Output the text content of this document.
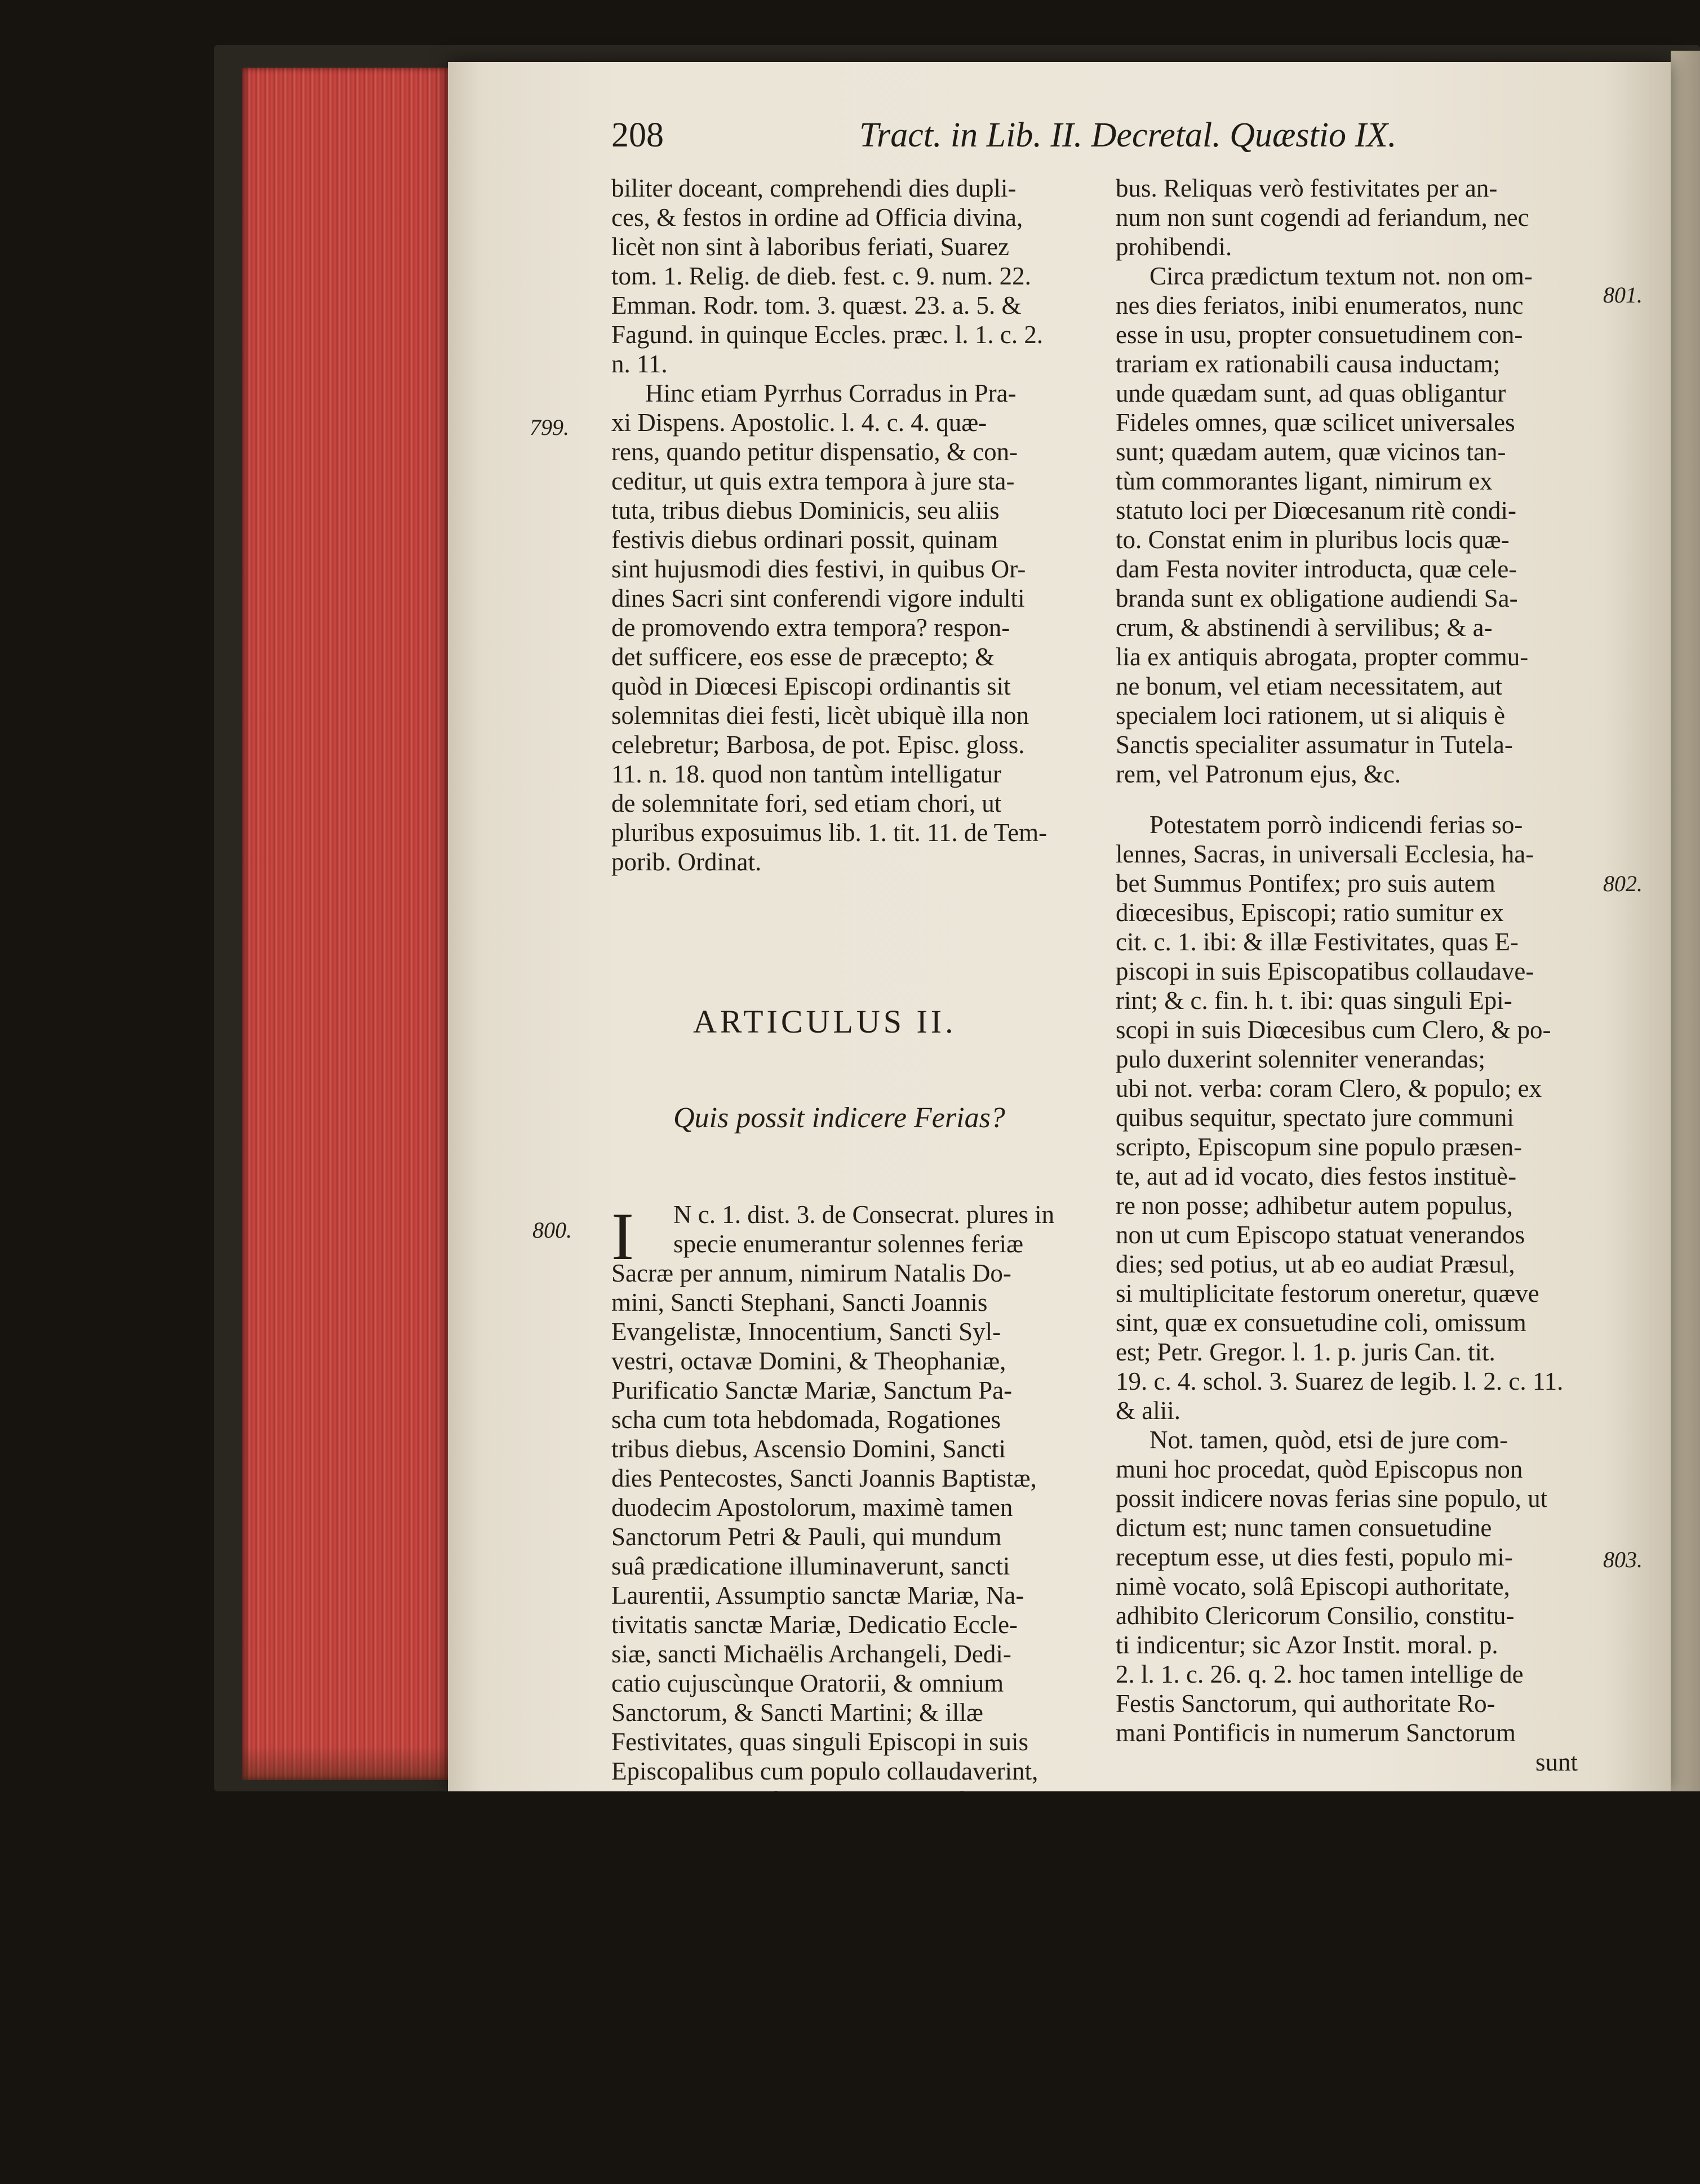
208	Tract. in Lib. II. Decretal. Quæstio IX.
799.
800.
801.
802.
803.
biliter doceant, comprehendi dies dupli-
ces, & festos in ordine ad Officia divina,
licèt non sint à laboribus feriati, Suarez
tom. 1. Relig. de dieb. fest. c. 9. num. 22.
Emman. Rodr. tom. 3. quæst. 23. a. 5. &
Fagund. in quinque Eccles. præc. l. 1. c. 2.
n. 11.
Hinc etiam Pyrrhus Corradus in Pra-
xi Dispens. Apostolic. l. 4. c. 4. quæ-
rens, quando petitur dispensatio, & con-
ceditur, ut quis extra tempora à jure sta-
tuta, tribus diebus Dominicis, seu aliis
festivis diebus ordinari possit, quinam
sint hujusmodi dies festivi, in quibus Or-
dines Sacri sint conferendi vigore indulti
de promovendo extra tempora? respon-
det sufficere, eos esse de præcepto; &
quòd in Diœcesi Episcopi ordinantis sit
solemnitas diei festi, licèt ubiquè illa non
celebretur; Barbosa, de pot. Episc. gloss.
11. n. 18. quod non tantùm intelligatur
de solemnitate fori, sed etiam chori, ut
pluribus exposuimus lib. 1. tit. 11. de Tem-
porib. Ordinat.
ARTICULUS II.
Quis possit indicere Ferias?
I	N c. 1. dist. 3. de Consecrat. plures in
specie enumerantur solennes feriæ
Sacræ per annum, nimirum Natalis Do-
mini, Sancti Stephani, Sancti Joannis
Evangelistæ, Innocentium, Sancti Syl-
vestri, octavæ Domini, & Theophaniæ,
Purificatio Sanctæ Mariæ, Sanctum Pa-
scha cum tota hebdomada, Rogationes
tribus diebus, Ascensio Domini, Sancti
dies Pentecostes, Sancti Joannis Baptistæ,
duodecim Apostolorum, maximè tamen
Sanctorum Petri & Pauli, qui mundum
suâ prædicatione illuminaverunt, sancti
Laurentii, Assumptio sanctæ Mariæ, Na-
tivitatis sanctæ Mariæ, Dedicatio Eccle-
siæ, sancti Michaëlis Archangeli, Dedi-
catio cujuscùnque Oratorii, & omnium
Sanctorum, & Sancti Martini; & illæ
Festivitates, quas singuli Episcopi in suis
Episcopalibus cum populo collaudaverint,
bus. Reliquas verò festivitates per an-
num non sunt cogendi ad feriandum, nec
prohibendi.
Circa prædictum textum not. non om-
nes dies feriatos, inibi enumeratos, nunc
esse in usu, propter consuetudinem con-
trariam ex rationabili causa inductam;
unde quædam sunt, ad quas obligantur
Fideles omnes, quæ scilicet universales
sunt; quædam autem, quæ vicinos tan-
tùm commorantes ligant, nimirum ex
statuto loci per Diœcesanum ritè condi-
to. Constat enim in pluribus locis quæ-
dam Festa noviter introducta, quæ cele-
branda sunt ex obligatione audiendi Sa-
crum, & abstinendi à servilibus; & a-
lia ex antiquis abrogata, propter commu-
ne bonum, vel etiam necessitatem, aut
specialem loci rationem, ut si aliquis è
Sanctis specialiter assumatur in Tutela-
rem, vel Patronum ejus, &c.
Potestatem porrò indicendi ferias so-
lennes, Sacras, in universali Ecclesia, ha-
bet Summus Pontifex; pro suis autem
diœcesibus, Episcopi; ratio sumitur ex
cit. c. 1. ibi: & illæ Festivitates, quas E-
piscopi in suis Episcopatibus collaudave-
rint; & c. fin. h. t. ibi: quas singuli Epi-
scopi in suis Diœcesibus cum Clero, & po-
pulo duxerint solenniter venerandas;
ubi not. verba: coram Clero, & populo; ex
quibus sequitur, spectato jure communi
scripto, Episcopum sine populo præsen-
te, aut ad id vocato, dies festos instituè-
re non posse; adhibetur autem populus,
non ut cum Episcopo statuat venerandos
dies; sed potius, ut ab eo audiat Præsul,
si multiplicitate festorum oneretur, quæve
sint, quæ ex consuetudine coli, omissum
est; Petr. Gregor. l. 1. p. juris Can. tit.
19. c. 4. schol. 3. Suarez de legib. l. 2. c. 11.
& alii.
Not. tamen, quòd, etsi de jure com-
muni hoc procedat, quòd Episcopus non
possit indicere novas ferias sine populo, ut
dictum est; nunc tamen consuetudine
receptum esse, ut dies festi, populo mi-
nimè vocato, solâ Episcopi authoritate,
adhibito Clericorum Consilio, constitu-
ti indicentur; sic Azor Instit. moral. p.
2. l. 1. c. 26. q. 2. hoc tamen intellige de
Festis Sanctorum, qui authoritate Ro-
mani Pontificis in numerum Sanctorum
sunt
